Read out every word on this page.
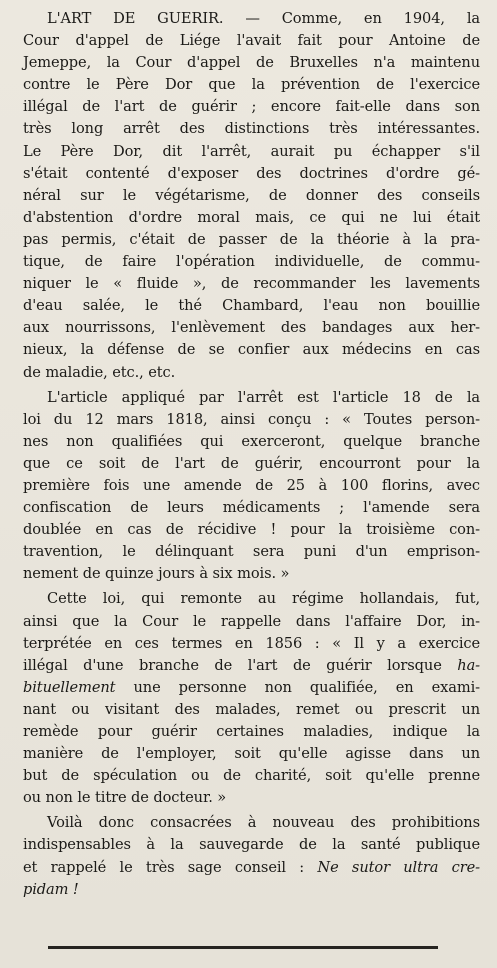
L'ART DE GUERIR. — Comme, en 1904, la
Cour d'appel de Liége l'avait fait pour Antoine de
Jemeppe, la Cour d'appel de Bruxelles n'a maintenu
contre le Père Dor que la prévention de l'exercice
illégal de l'art de guérir ; encore fait-elle dans son
très long arrêt des distinctions très intéressantes.
Le Père Dor, dit l'arrêt, aurait pu échapper s'il
s'était contenté d'exposer des doctrines d'ordre gé-
néral sur le végétarisme, de donner des conseils
d'abstention d'ordre moral mais, ce qui ne lui était
pas permis, c'était de passer de la théorie à la pra-
tique, de faire l'opération individuelle, de commu-
niquer le « fluide », de recommander les lavements
d'eau salée, le thé Chambard, l'eau non bouillie
aux nourrissons, l'enlèvement des bandages aux her-
nieux, la défense de se confier aux médecins en cas
de maladie, etc., etc.

L'article appliqué par l'arrêt est l'article 18 de la
loi du 12 mars 1818, ainsi conçu : « Toutes person-
nes non qualifiées qui exerceront, quelque branche
que ce soit de l'art de guérir, encourront pour la
première fois une amende de 25 à 100 florins, avec
confiscation de leurs médicaments ; l'amende sera
doublée en cas de récidive ! pour la troisième con-
travention, le délinquant sera puni d'un emprison-
nement de quinze jours à six mois. »

Cette loi, qui remonte au régime hollandais, fut,
ainsi que la Cour le rappelle dans l'affaire Dor, in-
terprétée en ces termes en 1856 : « Il y a exercice
illégal d'une branche de l'art de guérir lorsque ha-
bituellement une personne non qualifiée, en exami-
nant ou visitant des malades, remet ou prescrit un
remède pour guérir certaines maladies, indique la
manière de l'employer, soit qu'elle agisse dans un
but de spéculation ou de charité, soit qu'elle prenne
ou non le titre de docteur. »

Voilà donc consacrées à nouveau des prohibitions
indispensables à la sauvegarde de la santé publique
et rappelé le très sage conseil : Ne sutor ultra cre-
pidam !
